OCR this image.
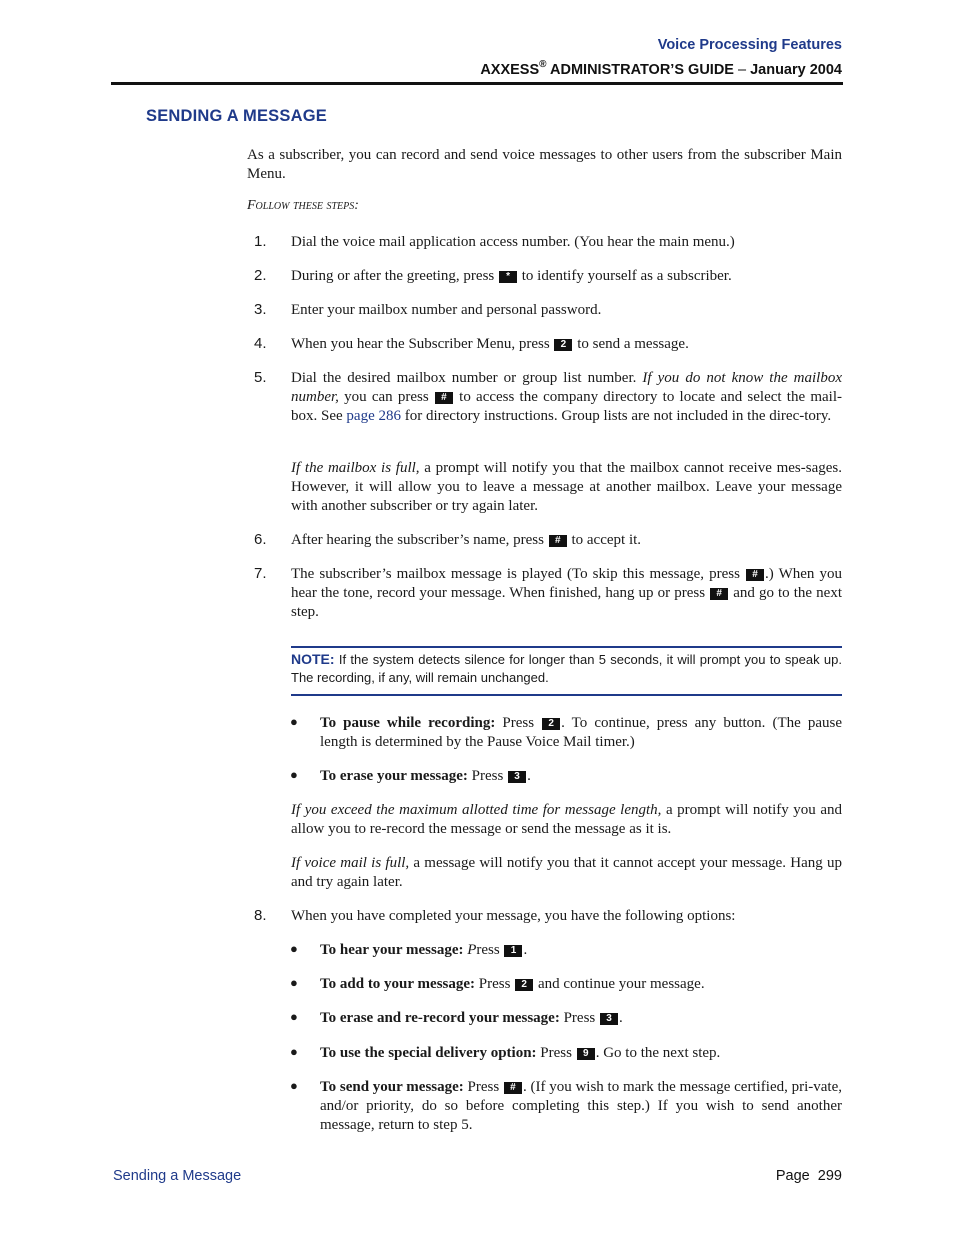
Voice Processing Features
AXXESS® ADMINISTRATOR’S GUIDE – January 2004
SENDING A MESSAGE
As a subscriber, you can record and send voice messages to other users from the subscriber Main Menu.
Follow these steps:
1. Dial the voice mail application access number. (You hear the main menu.)
2. During or after the greeting, press * to identify yourself as a subscriber.
3. Enter your mailbox number and personal password.
4. When you hear the Subscriber Menu, press 2 to send a message.
5. Dial the desired mailbox number or group list number. If you do not know the mailbox number, you can press # to access the company directory to locate and select the mail-box. See page 286 for directory instructions. Group lists are not included in the direc-tory.
If the mailbox is full, a prompt will notify you that the mailbox cannot receive mes-sages. However, it will allow you to leave a message at another mailbox. Leave your message with another subscriber or try again later.
6. After hearing the subscriber’s name, press # to accept it.
7. The subscriber’s mailbox message is played (To skip this message, press # .) When you hear the tone, record your message. When finished, hang up or press # and go to the next step.
NOTE: If the system detects silence for longer than 5 seconds, it will prompt you to speak up. The recording, if any, will remain unchanged.
● To pause while recording: Press 2 . To continue, press any button. (The pause length is determined by the Pause Voice Mail timer.)
● To erase your message: Press 3 .
If you exceed the maximum allotted time for message length, a prompt will notify you and allow you to re-record the message or send the message as it is.
If voice mail is full, a message will notify you that it cannot accept your message. Hang up and try again later.
8. When you have completed your message, you have the following options:
● To hear your message: Press 1 .
● To add to your message: Press 2 and continue your message.
● To erase and re-record your message: Press 3 .
● To use the special delivery option: Press 9 . Go to the next step.
● To send your message: Press # . (If you wish to mark the message certified, pri-vate, and/or priority, do so before completing this step.) If you wish to send another message, return to step 5.
Sending a Message	Page  299
